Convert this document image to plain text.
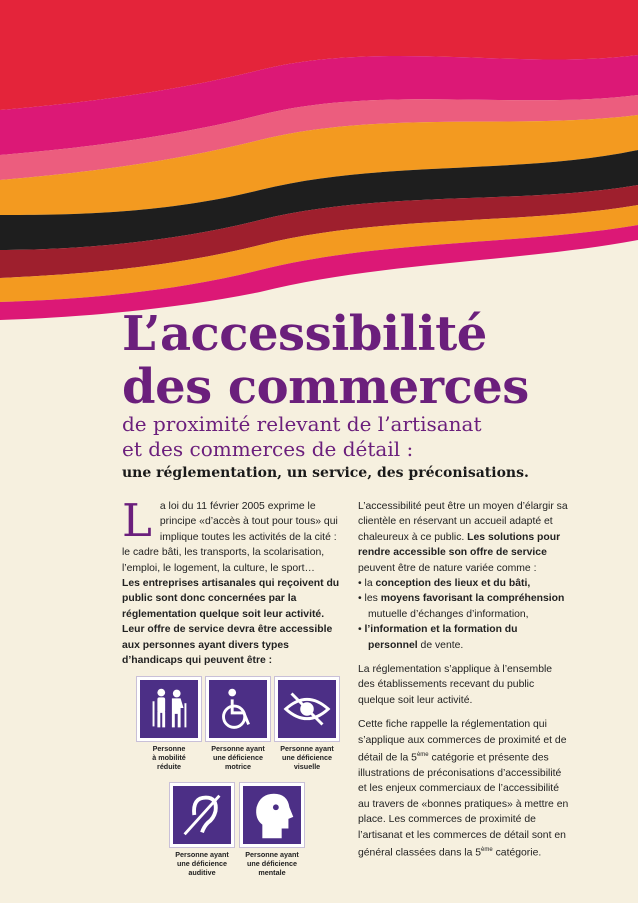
L’accessibilité
des commerces
de proximité relevant de l’artisanat
et des commerces de détail :
une réglementation, un service, des préconisations.
L a loi du 11 février 2005 exprime le principe «d’accès à tout pour tous» qui implique toutes les activités de la cité : le cadre bâti, les transports, la scolarisation, l’emploi, le logement, la culture, le sport…
Les entreprises artisanales qui reçoivent du public sont donc concernées par la réglementation quelque soit leur activité.
Leur offre de service devra être accessible aux personnes ayant divers types d’handicaps qui peuvent être :

L’accessibilité peut être un moyen d’élargir sa clientèle en réservant un accueil adapté et chaleureux à ce public. Les solutions pour rendre accessible son offre de service peuvent être de nature variée comme :
• la conception des lieux et du bâti,
• les moyens favorisant la compréhension mutuelle d’échanges d’information,
• l’information et la formation du personnel de vente.

La réglementation s’applique à l’ensemble des établissements recevant du public quelque soit leur activité.

Cette fiche rappelle la réglementation qui s’applique aux commerces de proximité et de détail de la 5ème catégorie et présente des illustrations de préconisations d’accessibilité et les enjeux commerciaux de l’accessibilité au travers de «bonnes pratiques» à mettre en place. Les commerces de proximité de l’artisanat et les commerces de détail sont en général classées dans la 5ème catégorie.

Personne
à mobilité
réduite
Personne ayant
une déficience
motrice
Personne ayant
une déficience
visuelle
Personne ayant
une déficience
auditive
Personne ayant
une déficience
mentale
